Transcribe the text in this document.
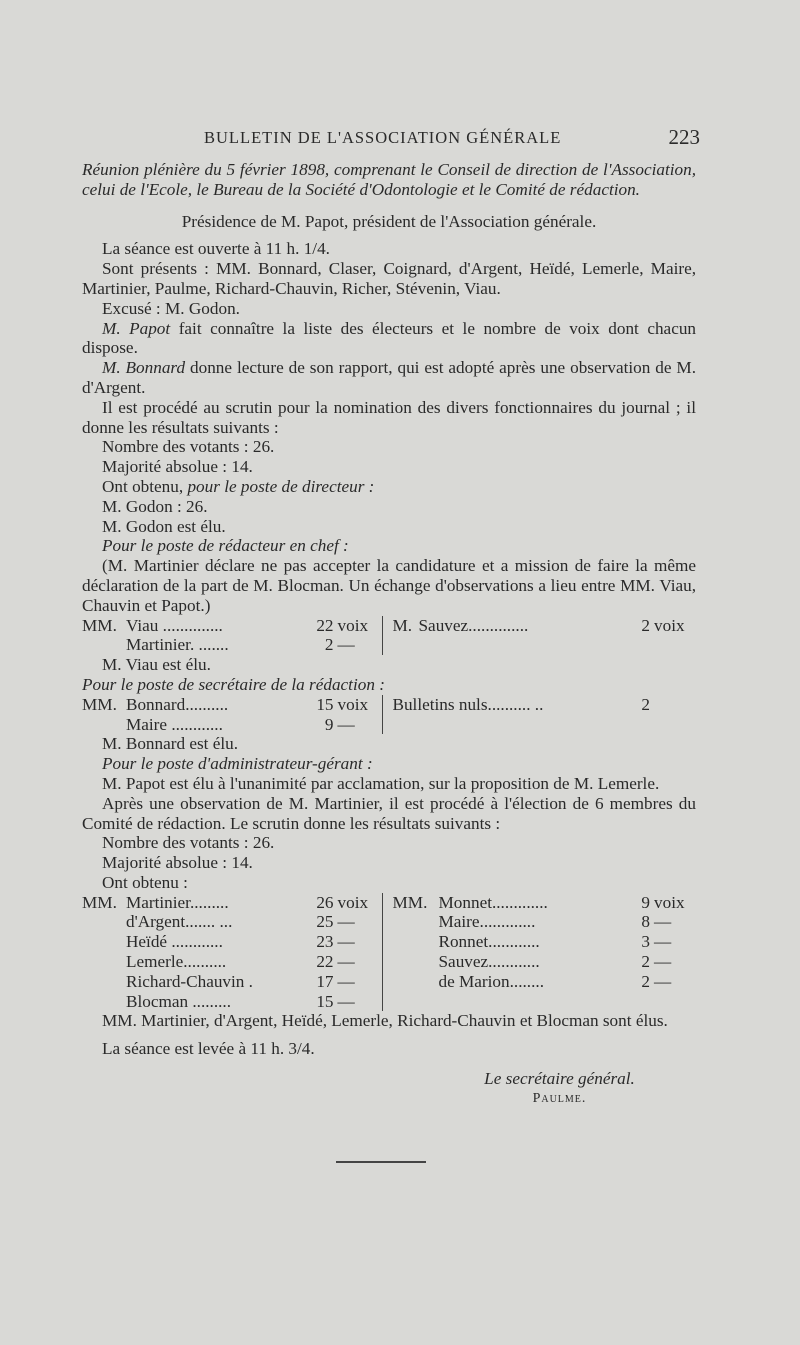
BULLETIN DE L'ASSOCIATION GÉNÉRALE	223

Réunion plénière du 5 février 1898, comprenant le Conseil de direction de l'Association, celui de l'Ecole, le Bureau de la Société d'Odontologie et le Comité de rédaction.

Présidence de M. Papot, président de l'Association générale.

La séance est ouverte à 11 h. 1/4.

Sont présents : MM. Bonnard, Claser, Coignard, d'Argent, Heïdé, Lemerle, Maire, Martinier, Paulme, Richard-Chauvin, Richer, Stévenin, Viau.

Excusé : M. Godon.

M. Papot fait connaître la liste des électeurs et le nombre de voix dont chacun dispose.

M. Bonnard donne lecture de son rapport, qui est adopté après une observation de M. d'Argent.

Il est procédé au scrutin pour la nomination des divers fonctionnaires du journal ; il donne les résultats suivants :

Nombre des votants : 26.

Majorité absolue : 14.

Ont obtenu, pour le poste de directeur :

M. Godon : 26.

M. Godon est élu.

Pour le poste de rédacteur en chef :

(M. Martinier déclare ne pas accepter la candidature et a mission de faire la même déclaration de la part de M. Blocman. Un échange d'observations a lieu entre MM. Viau, Chauvin et Papot.)

MM. Viau ..............	22 voix
Martinier. .......	2 —
M. Sauvez..............	2 voix

M. Viau est élu.

Pour le poste de secrétaire de la rédaction :

MM. Bonnard..........	15 voix
Maire ............	9 —
Bulletins nuls.......... ..	2

M. Bonnard est élu.

Pour le poste d'administrateur-gérant :

M. Papot est élu à l'unanimité par acclamation, sur la proposition de M. Lemerle.

Après une observation de M. Martinier, il est procédé à l'élection de 6 membres du Comité de rédaction. Le scrutin donne les résultats suivants :

Nombre des votants : 26.

Majorité absolue : 14.

Ont obtenu :

MM. Martinier.........	26 voix
d'Argent....... ...	25 —
Heïdé ............	23 —
Lemerle..........	22 —
Richard-Chauvin .	17 —
Blocman .........	15 —
MM. Monnet.............	9 voix
Maire.............	8 —
Ronnet............	3 —
Sauvez............	2 —
de Marion........	2 —

MM. Martinier, d'Argent, Heïdé, Lemerle, Richard-Chauvin et Blocman sont élus.

La séance est levée à 11 h. 3/4.

Le secrétaire général.
Paulme.
